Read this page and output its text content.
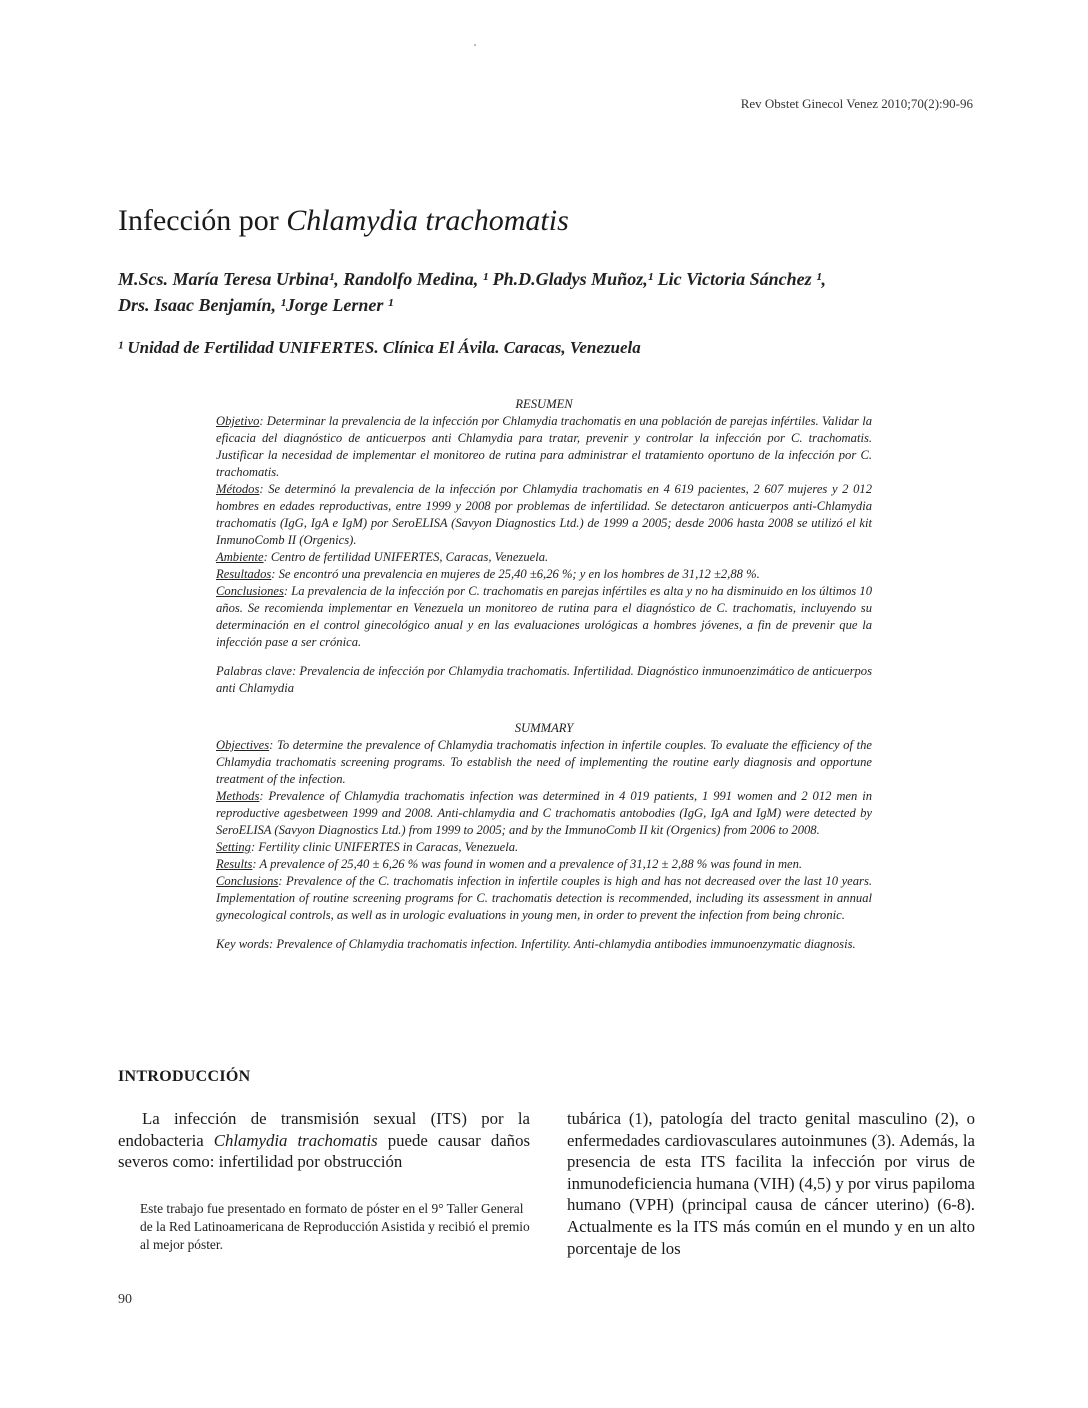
Rev Obstet Ginecol Venez 2010;70(2):90-96
Infección por Chlamydia trachomatis
M.Scs. María Teresa Urbina¹, Randolfo Medina, ¹ Ph.D.Gladys Muñoz,¹ Lic Victoria Sánchez ¹,
Drs. Isaac Benjamín, ¹Jorge Lerner ¹
¹ Unidad de Fertilidad UNIFERTES. Clínica El Ávila. Caracas, Venezuela

RESUMEN

Objetivo: Determinar la prevalencia de la infección por Chlamydia trachomatis en una población de parejas infértiles. Validar la eficacia del diagnóstico de anticuerpos anti Chlamydia para tratar, prevenir y controlar la infección por C. trachomatis. Justificar la necesidad de implementar el monitoreo de rutina para administrar el tratamiento oportuno de la infección por C. trachomatis.

Métodos: Se determinó la prevalencia de la infección por Chlamydia trachomatis en 4 619 pacientes, 2 607 mujeres y 2 012 hombres en edades reproductivas, entre 1999 y 2008 por problemas de infertilidad. Se detectaron anticuerpos anti-Chlamydia trachomatis (IgG, IgA e IgM) por SeroELISA (Savyon Diagnostics Ltd.) de 1999 a 2005; desde 2006 hasta 2008 se utilizó el kit InmunoComb II (Orgenics).

Ambiente: Centro de fertilidad UNIFERTES, Caracas, Venezuela.

Resultados: Se encontró una prevalencia en mujeres de 25,40 ±6,26 %; y en los hombres de 31,12 ±2,88 %.

Conclusiones: La prevalencia de la infección por C. trachomatis en parejas infértiles es alta y no ha disminuido en los últimos 10 años. Se recomienda implementar en Venezuela un monitoreo de rutina para el diagnóstico de C. trachomatis, incluyendo su determinación en el control ginecológico anual y en las evaluaciones urológicas a hombres jóvenes, a fin de prevenir que la infección pase a ser crónica.

Palabras clave: Prevalencia de infección por Chlamydia trachomatis. Infertilidad. Diagnóstico inmunoenzimático de anticuerpos anti Chlamydia

SUMMARY

Objectives: To determine the prevalence of Chlamydia trachomatis infection in infertile couples. To evaluate the efficiency of the Chlamydia trachomatis screening programs. To establish the need of implementing the routine early diagnosis and opportune treatment of the infection.

Methods: Prevalence of Chlamydia trachomatis infection was determined in 4 019 patients, 1 991 women and 2 012 men in reproductive agesbetween 1999 and 2008. Anti-chlamydia and C trachomatis antobodies (IgG, IgA and IgM) were detected by SeroELISA (Savyon Diagnostics Ltd.) from 1999 to 2005; and by the ImmunoComb II kit (Orgenics) from 2006 to 2008.

Setting: Fertility clinic UNIFERTES in Caracas, Venezuela.

Results: A prevalence of 25,40 ± 6,26 % was found in women and a prevalence of 31,12 ± 2,88 % was found in men.

Conclusions: Prevalence of the C. trachomatis infection in infertile couples is high and has not decreased over the last 10 years. Implementation of routine screening programs for C. trachomatis detection is recommended, including its assessment in annual gynecological controls, as well as in urologic evaluations in young men, in order to prevent the infection from being chronic.

Key words: Prevalence of Chlamydia trachomatis infection. Infertility. Anti-chlamydia antibodies immunoenzymatic diagnosis.

INTRODUCCIÓN

La infección de transmisión sexual (ITS) por la endobacteria Chlamydia trachomatis puede causar daños severos como: infertilidad por obstrucción

Este trabajo fue presentado en formato de póster en el 9° Taller General de la Red Latinoamericana de Reproducción Asistida y recibió el premio al mejor póster.

tubárica (1), patología del tracto genital masculino (2), o enfermedades cardiovasculares autoinmunes (3). Además, la presencia de esta ITS facilita la infección por virus de inmunodeficiencia humana (VIH) (4,5) y por virus papiloma humano (VPH) (principal causa de cáncer uterino) (6-8). Actualmente es la ITS más común en el mundo y en un alto porcentaje de los

90
